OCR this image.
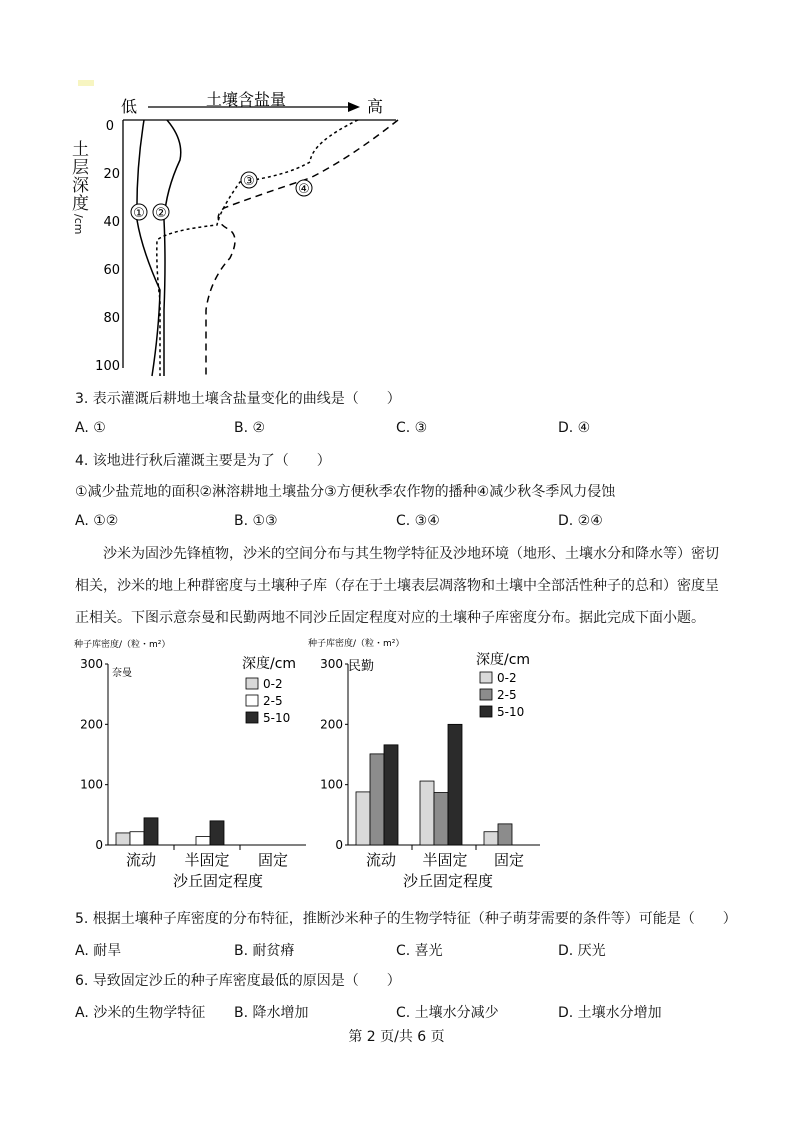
低	土壤含盐量	高
0
20
40
60
80
100
① ②
③
④
土层深度
/cm
3. 表示灌溉后耕地土壤含盐量变化的曲线是（　　）
A. ①	B. ②	C. ③	D. ④
4. 该地进行秋后灌溉主要是为了（　　）
①减少盐荒地的面积②淋溶耕地土壤盐分③方便秋季农作物的播种④减少秋冬季风力侵蚀
A. ①②	B. ①③	C. ③④	D. ②④
沙米为固沙先锋植物，沙米的空间分布与其生物学特征及沙地环境（地形、土壤水分和降水等）密切相关，沙米的地上种群密度与土壤种子库（存在于土壤表层凋落物和土壤中全部活性种子的总和）密度呈正相关。下图示意奈曼和民勤两地不同沙丘固定程度对应的土壤种子库密度分布。据此完成下面小题。
种子库密度/（粒・m²）
奈曼
深度/cm
沙丘固定程度
种子库密度/（粒・m²）
民勤	深度/cm
沙丘固定程度
0
100
200
300
流动 半固定 固定
0-2
2-5
5-10
0
100
200
300
流动 半固定 固定
0-2
2-5
5-10
5. 根据土壤种子库密度的分布特征，推断沙米种子的生物学特征（种子萌芽需要的条件等）可能是（　　）
A. 耐旱	B. 耐贫瘠	C. 喜光	D. 厌光
6. 导致固定沙丘的种子库密度最低的原因是（　　）
A. 沙米的生物学特征 B. 降水增加	C. 土壤水分减少	D. 土壤水分增加
第 2 页/共 6 页
